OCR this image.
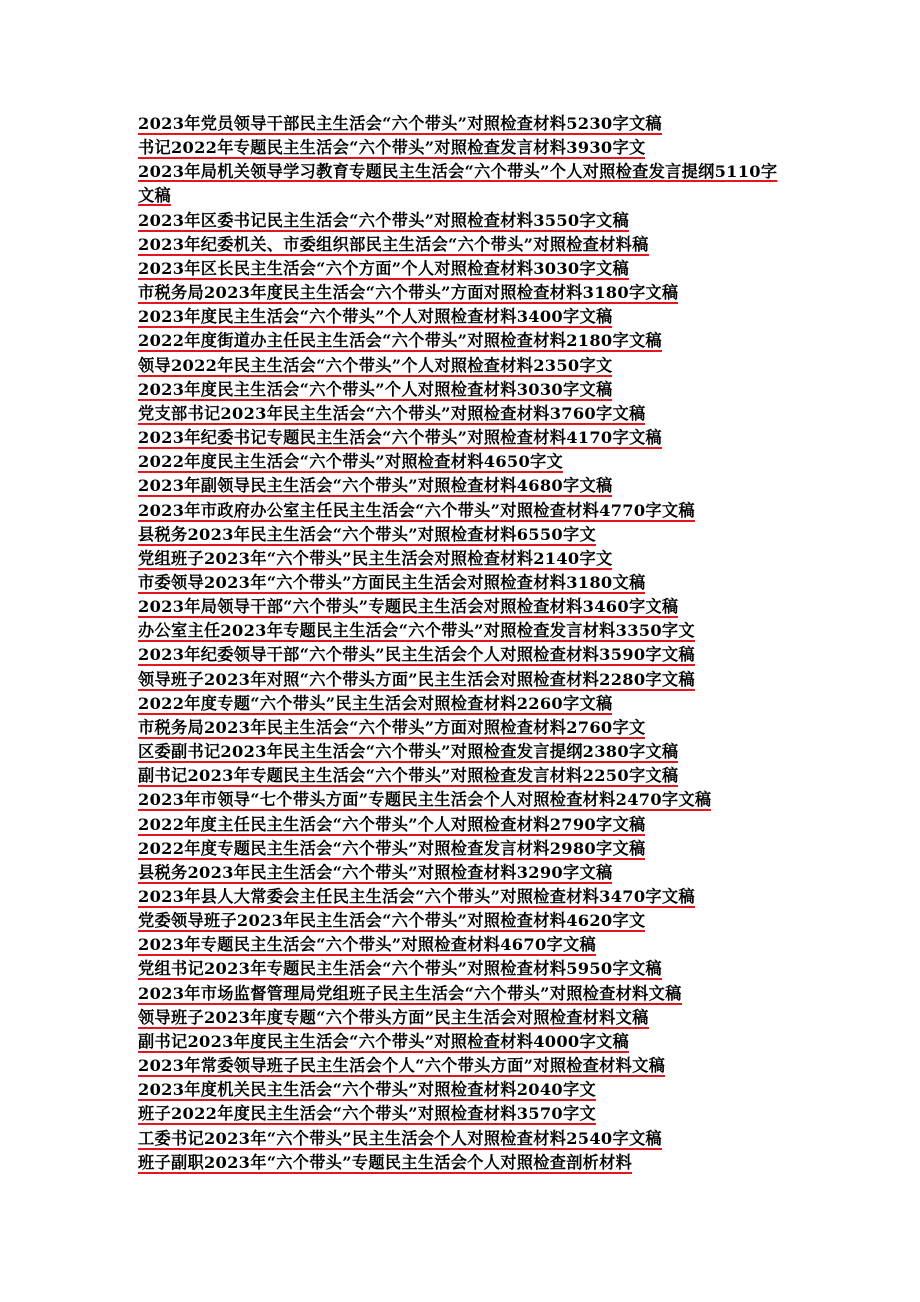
2023年党员领导干部民主生活会“六个带头”对照检查材料5230字文稿
书记2022年专题民主生活会“六个带头”对照检查发言材料3930字文
2023年局机关领导学习教育专题民主生活会“六个带头”个人对照检查发言提纲5110字文稿
2023年区委书记民主生活会“六个带头”对照检查材料3550字文稿
2023年纪委机关、市委组织部民主生活会“六个带头”对照检查材料稿
2023年区长民主生活会“六个方面”个人对照检查材料3030字文稿
市税务局2023年度民主生活会“六个带头”方面对照检查材料3180字文稿
2023年度民主生活会“六个带头”个人对照检查材料3400字文稿
2022年度街道办主任民主生活会“六个带头”对照检查材料2180字文稿
领导2022年民主生活会“六个带头”个人对照检查材料2350字文
2023年度民主生活会“六个带头”个人对照检查材料3030字文稿
党支部书记2023年民主生活会“六个带头”对照检查材料3760字文稿
2023年纪委书记专题民主生活会“六个带头”对照检查材料4170字文稿
2022年度民主生活会“六个带头”对照检查材料4650字文
2023年副领导民主生活会“六个带头”对照检查材料4680字文稿
2023年市政府办公室主任民主生活会“六个带头”对照检查材料4770字文稿
县税务2023年民主生活会“六个带头”对照检查材料6550字文
党组班子2023年“六个带头”民主生活会对照检查材料2140字文
市委领导2023年“六个带头”方面民主生活会对照检查材料3180文稿
2023年局领导干部“六个带头”专题民主生活会对照检查材料3460字文稿
办公室主任2023年专题民主生活会“六个带头”对照检查发言材料3350字文
2023年纪委领导干部“六个带头”民主生活会个人对照检查材料3590字文稿
领导班子2023年对照“六个带头方面”民主生活会对照检查材料2280字文稿
2022年度专题“六个带头”民主生活会对照检查材料2260字文稿
市税务局2023年民主生活会“六个带头”方面对照检查材料2760字文
区委副书记2023年民主生活会“六个带头”对照检查发言提纲2380字文稿
副书记2023年专题民主生活会“六个带头”对照检查发言材料2250字文稿
2023年市领导“七个带头方面”专题民主生活会个人对照检查材料2470字文稿
2022年度主任民主生活会“六个带头”个人对照检查材料2790字文稿
2022年度专题民主生活会“六个带头”对照检查发言材料2980字文稿
县税务2023年民主生活会“六个带头”对照检查材料3290字文稿
2023年县人大常委会主任民主生活会“六个带头”对照检查材料3470字文稿
党委领导班子2023年民主生活会“六个带头”对照检查材料4620字文
2023年专题民主生活会“六个带头”对照检查材料4670字文稿
党组书记2023年专题民主生活会“六个带头”对照检查材料5950字文稿
2023年市场监督管理局党组班子民主生活会“六个带头”对照检查材料文稿
领导班子2023年度专题“六个带头方面”民主生活会对照检查材料文稿
副书记2023年度民主生活会“六个带头”对照检查材料4000字文稿
2023年常委领导班子民主生活会个人“六个带头方面”对照检查材料文稿
2023年度机关民主生活会“六个带头”对照检查材料2040字文
班子2022年度民主生活会“六个带头”对照检查材料3570字文
工委书记2023年“六个带头”民主生活会个人对照检查材料2540字文稿
班子副职2023年“六个带头”专题民主生活会个人对照检查剖析材料
